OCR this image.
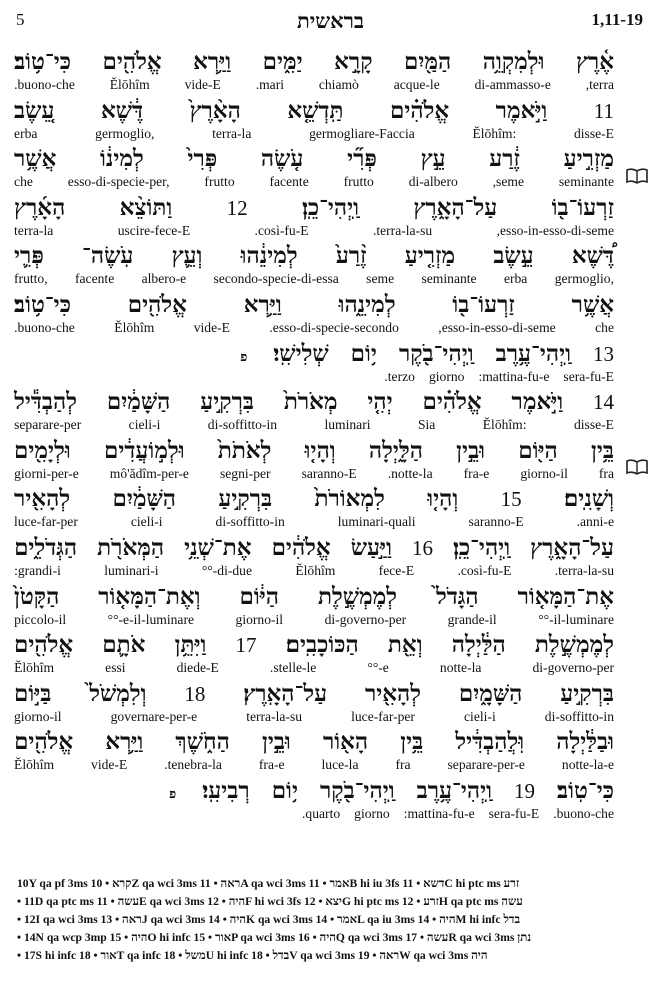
5	בראשית	1,11-19
אֶ֫רֶץ
וּלְמִקְוֵ֥ה
הַמַּ֖יִם
קָרָ֣א
יַמִּ֑ים
וַיַּ֥רְא
אֱלֹהִ֖ים
כִּי־ט֥וֹב׃
,terra
di-ammasso-e
acque-le
chiamò
.mari
vide-E
Ělōhîm
.buono-che
11
וַיֹּ֣אמֶר
אֱלֹהִ֗ים
תַּֽדְשֵׁ֤א
הָאָ֨רֶץ֙
דֶּ֔שֶׁא
עֵ֚שֶׂב
disse-E
Ělōhîm:
germogliare-Faccia
terra-la
germoglio,
erba
מַזְרִ֣יעַ
זֶ֔רַע
עֵ֣ץ
פְּרִ֞י
עֹ֤שֶׂה
פְּרִי֙
לְמִינ֔וֹ
אֲשֶׁ֥ר
seminante
,seme
di-albero
frutto
facente
frutto
esso-di-specie-per,
che
זַרְעוֹ־ב֖וֹ
עַל־הָאָ֑רֶץ
וַֽיְהִי־כֵֽן׃
12
וַתּוֹצֵ֨א
הָאָ֜רֶץ
,esso-in-esso-di-seme
.terra-la-su
.così-fu-E
uscire-fece-E
terra-la
דֶּ֠שֶׁא
עֵ֣שֶׂב
מַזְרִ֤יעַ
זֶ֨רַע֙
לְמִינֵ֔הוּ
וְעֵ֛ץ
עֹֽשֶׂה־
פְּרִ֛י
germoglio,
erba
seminante
seme
secondo-specie-di-essa
albero-e
facente
frutto,
אֲשֶׁ֥ר
זַרְעוֹ־ב֖וֹ
לְמִינֵ֑הוּ
וַיַּ֥רְא
אֱלֹהִ֖ים
כִּי־ט֥וֹב׃
che
,esso-in-esso-di-seme
.esso-di-specie-secondo
vide-E
Ělōhîm
.buono-che
13
וַֽיְהִי־עֶ֥רֶב
וַֽיְהִי־בֹ֖קֶר
י֥וֹם
שְׁלִישִֽׁי׃
פ
sera-fu-E
:mattina-fu-e
giorno
.terzo
14
וַיֹּ֣אמֶר
אֱלֹהִ֗ים
יְהִ֤י
מְאֹרֹת֙
בִּרְקִ֣יעַ
הַשָּׁמַ֔יִם
לְהַבְדִּ֕יל
disse-E
Ělōhîm:
Sia
luminari
di-soffitto-in
cieli-i
separare-per
בֵּ֥ין
הַיּ֖וֹם
וּבֵ֣ין
הַלָּ֑יְלָה
וְהָי֤וּ
לְאֹתֹת֙
וּלְמ֣וֹעֲדִ֔ים
וּלְיָמִ֖ים
fra
giorno-il
fra-e
.notte-la
saranno-E
segni-per
mô'ădîm-per-e
giorni-per-e
וְשָׁנִֽים׃
15
וְהָי֤וּ
לִמְאוֹרֹת֙
בִּרְקִ֣יעַ
הַשָּׁמַ֔יִם
לְהָאִ֖יר
.anni-e
saranno-E
luminari-quali
di-soffitto-in
cieli-i
luce-far-per
עַל־הָאָ֑רֶץ
וַֽיְהִי־כֵֽן׃
16
וַיַּ֣עַשׂ
אֱלֹהִ֔ים
אֶת־שְׁנֵ֥י
הַמְּאֹרֹ֖ת
הַגְּדֹלִ֑ים
.terra-la-su
.così-fu-E
fece-E
Ělōhîm
°°-di-due
luminari-i
:grandi-i
אֶת־הַמָּא֤וֹר
הַגָּדֹל֙
לְמֶמְשֶׁ֣לֶת
הַיּ֔וֹם
וְאֶת־הַמָּא֤וֹר
הַקָּטֹן֙
°°-il-luminare
grande-il
di-governo-per
giorno-il
°°-e-il-luminare
piccolo-il
לְמֶמְשֶׁ֣לֶת
הַלַּ֔יְלָה
וְאֵ֖ת
הַכּוֹכָבִֽים׃
17
וַיִּתֵּ֥ן
אֹתָ֛ם
אֱלֹהִ֖ים
di-governo-per
notte-la
°°-e
.stelle-le
diede-E
essi
Ělōhîm
בִּרְקִ֣יעַ
הַשָּׁמָ֑יִם
לְהָאִ֖יר
עַל־הָאָֽרֶץ׃
18
וְלִמְשֹׁל֙
בַּיּ֣וֹם
di-soffitto-in
cieli-i
luce-far-per
terra-la-su
governare-per-e
giorno-il
וּבַלַּ֔יְלָה
וּֽלֲהַבְדִּ֔יל
בֵּ֥ין
הָא֖וֹר
וּבֵ֣ין
הַחֹ֑שֶׁךְ
וַיַּ֥רְא
אֱלֹהִ֖ים
notte-la-e
separare-per-e
fra
luce-la
fra-e
.tenebra-la
vide-E
Ělōhîm
כִּי־טֽוֹב׃
19
וַֽיְהִי־עֶ֥רֶב
וַֽיְהִי־בֹ֖קֶר
י֥וֹם
רְבִיעִֽי׃
פ
.buono-che
sera-fu-E
:mattina-fu-e
giorno
.quarto
10Y qa pf 3ms קרא • 10Z qa wci 3ms ראה • 11A qa wci 3ms אמר • 11B hi iu 3fs דשא • 11C hi ptc ms זרע
• 11D qa ptc ms עשה • 11E qa wci 3ms היה • 12F hi wci 3fs יצא • 12G hi ptc ms זרע • 12H qa ptc ms עשה
• 12I qa wci 3ms ראה • 13J qa wci 3ms היה • 14K qa wci 3ms אמר • 14L qa iu 3ms היה • 14M hi infc בדל
• 14N qa wcp 3mp היה • 15O hi infc אור • 15P qa wci 3ms היה • 16Q qa wci 3ms עשה • 17R qa wci 3ms נתן
• 17S hi infc אור • 18T qa infc משל • 18U hi infc בדל • 18V qa wci 3ms ראה • 19W qa wci 3ms היה
